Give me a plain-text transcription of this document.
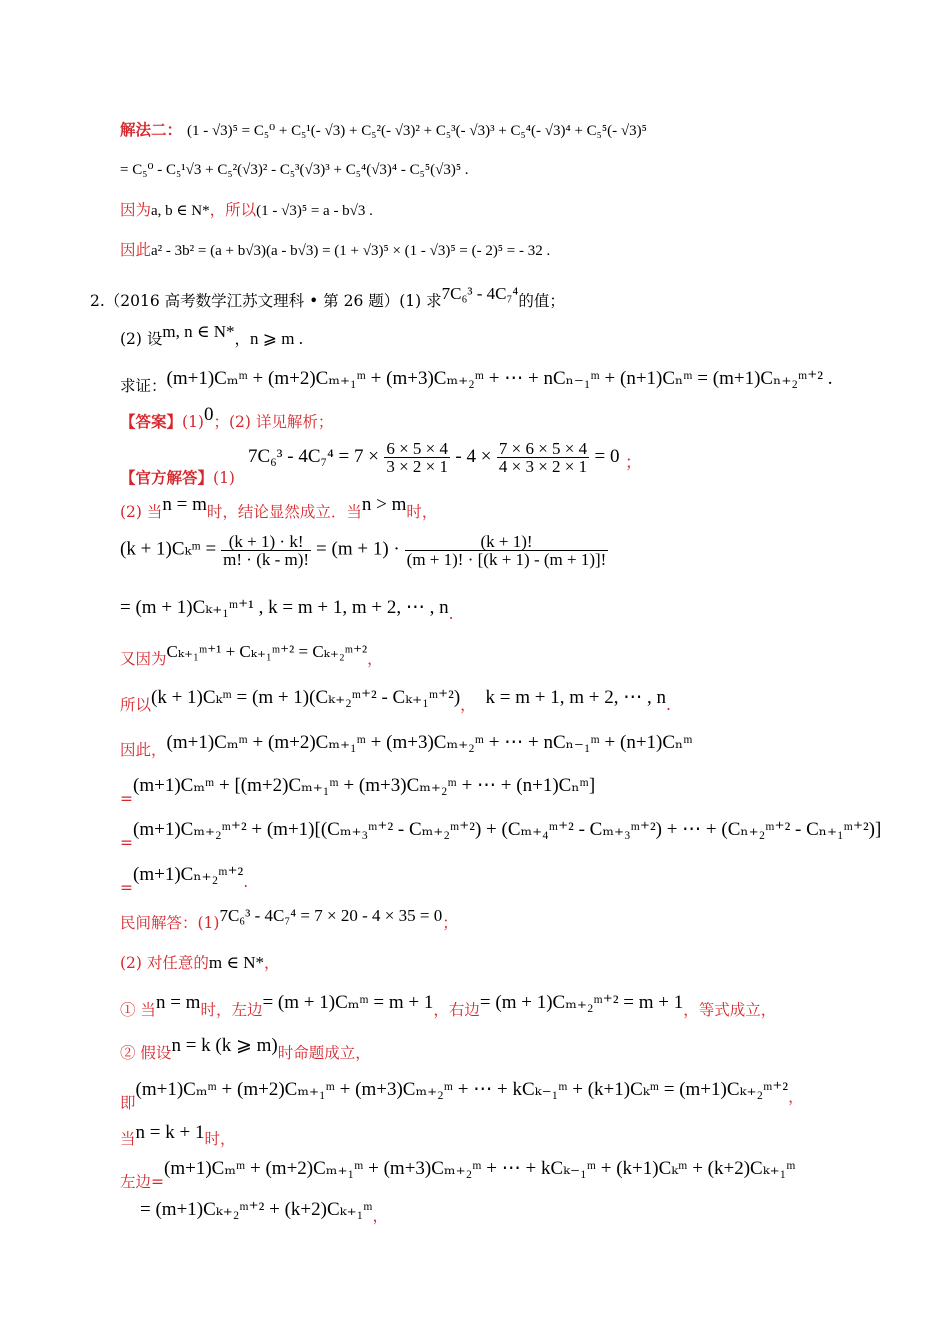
解法二： (1 - √3)⁵ = C₅⁰ + C₅¹(- √3) + C₅²(- √3)² + C₅³(- √3)³ + C₅⁴(- √3)⁴ + C₅⁵(- √3)⁵
= C₅⁰ - C₅¹√3 + C₅²(√3)² - C₅³(√3)³ + C₅⁴(√3)⁴ - C₅⁵(√3)⁵ .
因为a, b ∈ N*，所以(1 - √3)⁵ = a - b√3 .
因此a² - 3b² = (a + b√3)(a - b√3) = (1 + √3)⁵ × (1 - √3)⁵ = (- 2)⁵ = - 32 .
2.（2016 高考数学江苏文理科 • 第 26 题）(1) 求7C₆³ - 4C₇⁴的值；
(2) 设m, n ∈ N*，n ⩾ m .
求证：(m+1)Cₘᵐ + (m+2)Cₘ₊₁ᵐ + (m+3)Cₘ₊₂ᵐ + ⋯ + nCₙ₋₁ᵐ + (n+1)Cₙᵐ = (m+1)Cₙ₊₂ᵐ⁺² .
【答案】(1)0；(2) 详见解析；
$7C_6^3 - 4C_7^4 = 7 \times \frac{6 \times 5 \times 4}{3 \times 2 \times 1} - 4 \times \frac{7 \times 6 \times 5 \times 4}{4 \times 3 \times 2 \times 1} = 0$ ；
【官方解答】(1)
(2) 当n = m时，结论显然成立．当n > m时，
(k + 1)Cₖᵐ = $\frac{(k + 1) \cdot k!}{m! \cdot (k - m)!} = (m + 1) \cdot \frac{(k + 1)!}{(m + 1)! \cdot [(k + 1) - (m + 1)]!}$
= (m + 1)Cₖ₊₁ᵐ⁺¹ , k = m + 1, m + 2, ⋯ , n.
又因为Cₖ₊₁ᵐ⁺¹ + Cₖ₊₁ᵐ⁺² = Cₖ₊₂ᵐ⁺²，
所以(k + 1)Cₖᵐ = (m + 1)(Cₖ₊₂ᵐ⁺² - Cₖ₊₁ᵐ⁺²)， k = m + 1, m + 2, ⋯ , n.
因此，(m+1)Cₘᵐ + (m+2)Cₘ₊₁ᵐ + (m+3)Cₘ₊₂ᵐ + ⋯ + nCₙ₋₁ᵐ + (n+1)Cₙᵐ
=(m+1)Cₘᵐ + [(m+2)Cₘ₊₁ᵐ + (m+3)Cₘ₊₂ᵐ + ⋯ + (n+1)Cₙᵐ]
=(m+1)Cₘ₊₂ᵐ⁺² + (m+1)[(Cₘ₊₃ᵐ⁺² - Cₘ₊₂ᵐ⁺²) + (Cₘ₊₄ᵐ⁺² - Cₘ₊₃ᵐ⁺²) + ⋯ + (Cₙ₊₂ᵐ⁺² - Cₙ₊₁ᵐ⁺²)]
=(m+1)Cₙ₊₂ᵐ⁺².
民间解答：(1)7C₆³ - 4C₇⁴ = 7 × 20 - 4 × 35 = 0；
(2) 对任意的m ∈ N*，
① 当n = m时，左边= (m + 1)Cₘᵐ = m + 1，右边= (m + 1)Cₘ₊₂ᵐ⁺² = m + 1，等式成立，
② 假设n = k (k ⩾ m)时命题成立，
即(m+1)Cₘᵐ + (m+2)Cₘ₊₁ᵐ + (m+3)Cₘ₊₂ᵐ + ⋯ + kCₖ₋₁ᵐ + (k+1)Cₖᵐ = (m+1)Cₖ₊₂ᵐ⁺²，
当n = k + 1时，
左边=(m+1)Cₘᵐ + (m+2)Cₘ₊₁ᵐ + (m+3)Cₘ₊₂ᵐ + ⋯ + kCₖ₋₁ᵐ + (k+1)Cₖᵐ + (k+2)Cₖ₊₁ᵐ
= (m+1)Cₖ₊₂ᵐ⁺² + (k+2)Cₖ₊₁ᵐ，
